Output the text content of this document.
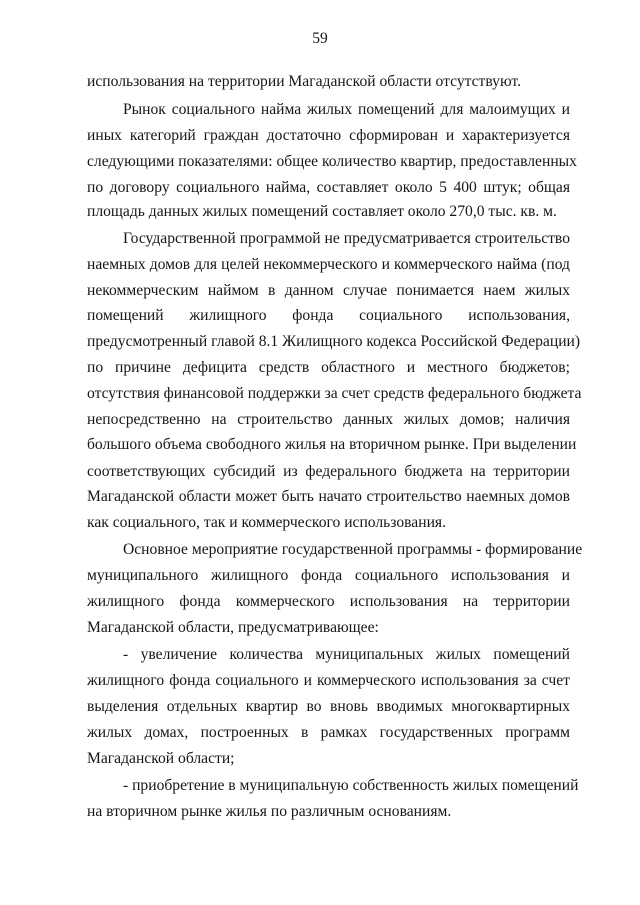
59
использования на территории Магаданской области отсутствуют.
Рынок социального найма жилых помещений для малоимущих и
иных категорий граждан достаточно сформирован и характеризуется
следующими показателями: общее количество квартир, предоставленных
по договору социального найма, составляет около 5 400 штук; общая
площадь данных жилых помещений составляет около 270,0 тыс. кв. м.
Государственной программой не предусматривается строительство
наемных домов для целей некоммерческого и коммерческого найма (под
некоммерческим наймом в данном случае понимается наем жилых
помещений жилищного фонда социального использования,
предусмотренный главой 8.1 Жилищного кодекса Российской Федерации)
по причине дефицита средств областного и местного бюджетов;
отсутствия финансовой поддержки за счет средств федерального бюджета
непосредственно на строительство данных жилых домов; наличия
большого объема свободного жилья на вторичном рынке. При выделении
соответствующих субсидий из федерального бюджета на территории
Магаданской области может быть начато строительство наемных домов
как социального, так и коммерческого использования.
Основное мероприятие государственной программы - формирование
муниципального жилищного фонда социального использования и
жилищного фонда коммерческого использования на территории
Магаданской области, предусматривающее:
- увеличение количества муниципальных жилых помещений
жилищного фонда социального и коммерческого использования за счет
выделения отдельных квартир во вновь вводимых многоквартирных
жилых домах, построенных в рамках государственных программ
Магаданской области;
- приобретение в муниципальную собственность жилых помещений
на вторичном рынке жилья по различным основаниям.
